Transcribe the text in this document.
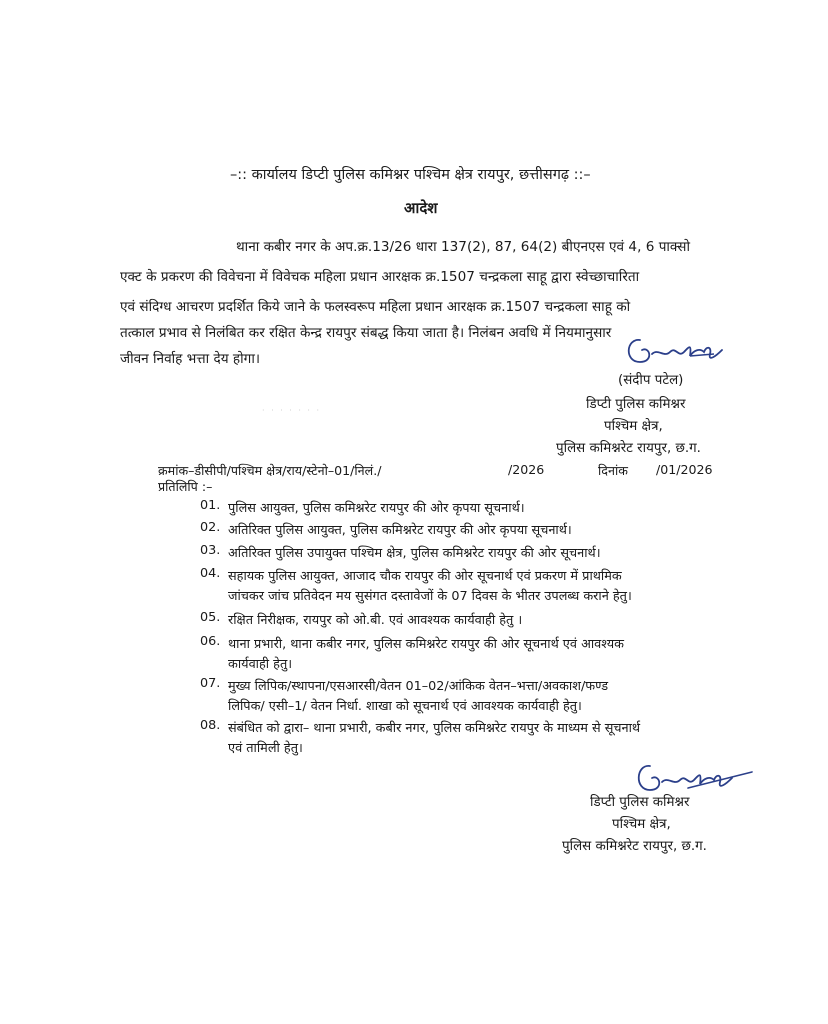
–:: कार्यालय डिप्टी पुलिस कमिश्नर पश्चिम क्षेत्र रायपुर, छत्तीसगढ़ ::–
आदेश
थाना कबीर नगर के अप.क्र.13/26 धारा 137(2), 87, 64(2) बीएनएस एवं 4, 6 पाक्सो
एक्ट के प्रकरण की विवेचना में विवेचक महिला प्रधान आरक्षक क्र.1507 चन्द्रकला साहू द्वारा स्वेच्छाचारिता
एवं संदिग्ध आचरण प्रदर्शित किये जाने के फलस्वरूप महिला प्रधान आरक्षक क्र.1507 चन्द्रकला साहू को
तत्काल प्रभाव से निलंबित कर रक्षित केन्द्र रायपुर संबद्ध किया जाता है। निलंबन अवधि में नियमानुसार
जीवन निर्वाह भत्ता देय होगा।
(संदीप पटेल)
डिप्टी पुलिस कमिश्नर
पश्चिम क्षेत्र,
पुलिस कमिश्नरेट रायपुर, छ.ग.
· · · · · · ·
क्रमांक–डीसीपी/पश्चिम क्षेत्र/राय/स्टेनो–01/निलं./	/2026	दिनांक /01/2026
प्रतिलिपि :–
01. पुलिस आयुक्त, पुलिस कमिश्नरेट रायपुर की ओर कृपया सूचनार्थ।
02. अतिरिक्त पुलिस आयुक्त, पुलिस कमिश्नरेट रायपुर की ओर कृपया सूचनार्थ।
03. अतिरिक्त पुलिस उपायुक्त पश्चिम क्षेत्र, पुलिस कमिश्नरेट रायपुर की ओर सूचनार्थ।
04. सहायक पुलिस आयुक्त, आजाद चौक रायपुर की ओर सूचनार्थ एवं प्रकरण में प्राथमिक
जांचकर जांच प्रतिवेदन मय सुसंगत दस्तावेजों के 07 दिवस के भीतर उपलब्ध कराने हेतु।
05. रक्षित निरीक्षक, रायपुर को ओ.बी. एवं आवश्यक कार्यवाही हेतु ।
06. थाना प्रभारी, थाना कबीर नगर, पुलिस कमिश्नरेट रायपुर की ओर सूचनार्थ एवं आवश्यक
कार्यवाही हेतु।
07. मुख्य लिपिक/स्थापना/एसआरसी/वेतन 01–02/आंकिक वेतन–भत्ता/अवकाश/फण्ड
लिपिक/ एसी–1/ वेतन निर्धा. शाखा को सूचनार्थ एवं आवश्यक कार्यवाही हेतु।
08. संबंधित को द्वारा– थाना प्रभारी, कबीर नगर, पुलिस कमिश्नरेट रायपुर के माध्यम से सूचनार्थ
एवं तामिली हेतु।
डिप्टी पुलिस कमिश्नर
पश्चिम क्षेत्र,
पुलिस कमिश्नरेट रायपुर, छ.ग.
